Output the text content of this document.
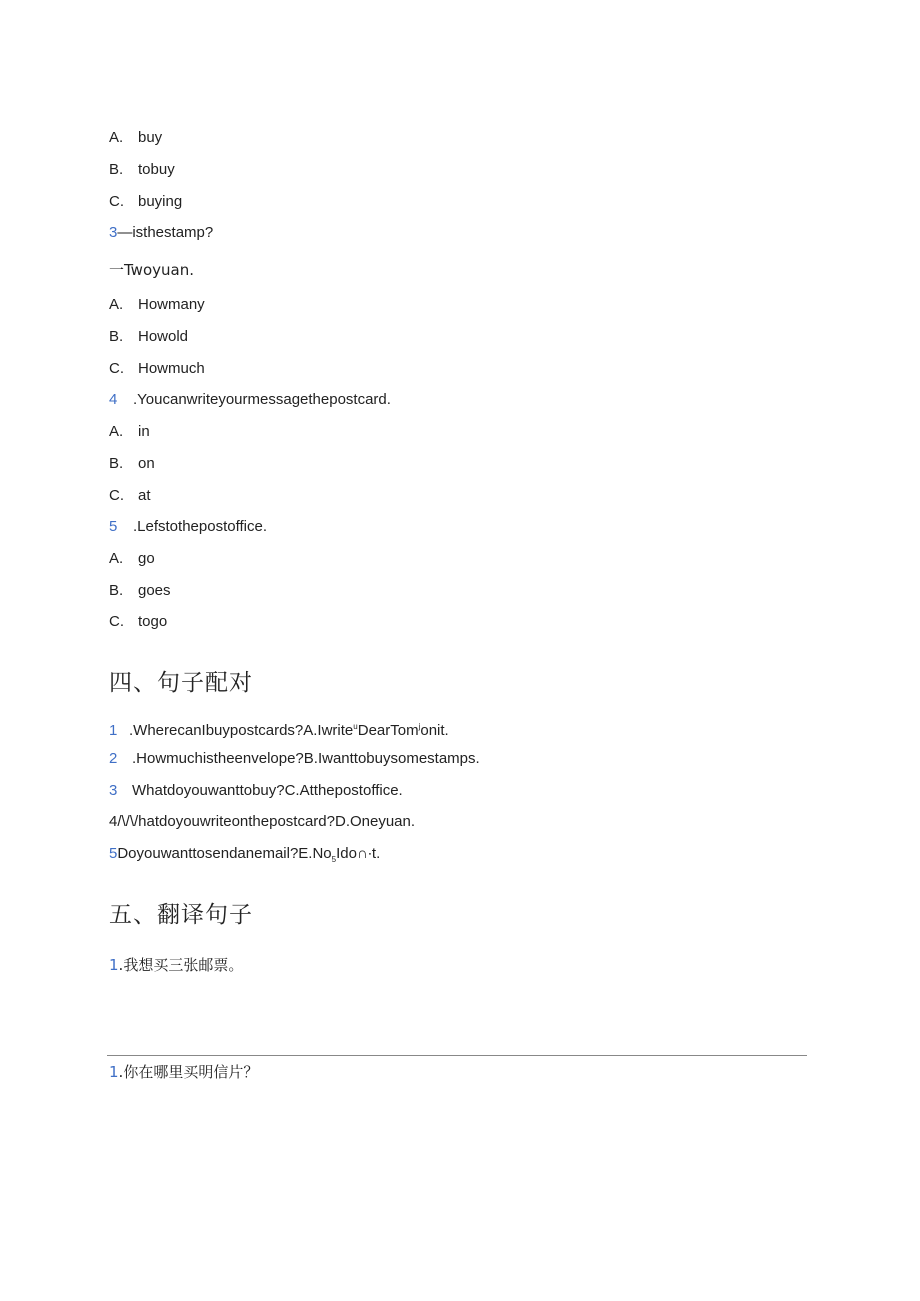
A. buy
B. tobuy
C. buying
3—isthestamp?
一Twoyuan.
A. Howmany
B. Howold
C. Howmuch
4 .Youcanwriteyourmessagethepostcard.
A. in
B. on
C. at
5 .Lefstothepostoffice.
A. go
B. goes
C. togo
四、句子配对
1 .WherecanIbuypostcards?A.Iwrite$^u$DearTom$^j$onit.
2 .Howmuchistheenvelope?B.Iwanttobuysomestamps.
3 Whatdoyouwanttobuy?C.Atthepostoffice.
4/\/\/hatdoyouwriteonthepostcard?D.Oneyuan.
$5Doyouwanttosendanemail?E.No_5Ido\cap\cdot t$.
五、翻译句子
1.我想买三张邮票。
1.你在哪里买明信片？
